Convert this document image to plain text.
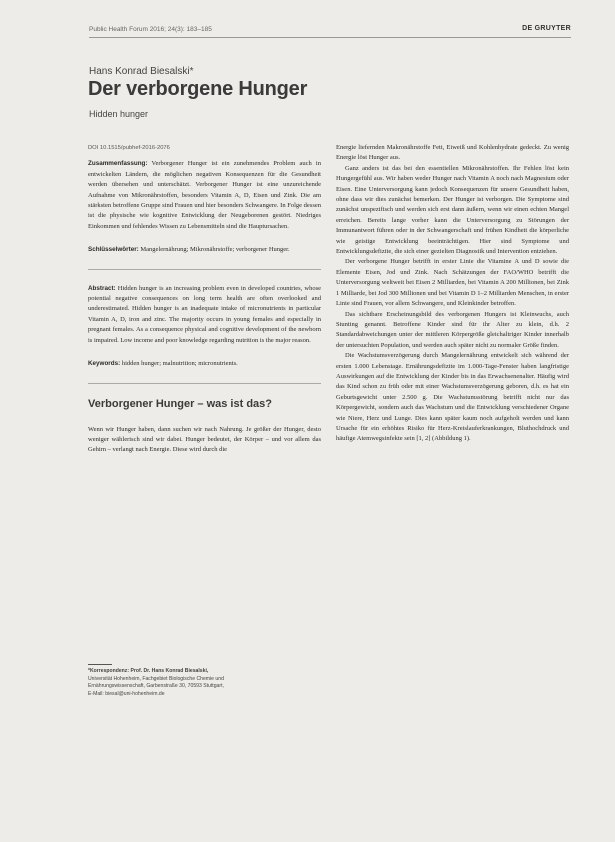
Public Health Forum 2016; 24(3): 183–185	DE GRUYTER
Hans Konrad Biesalski*
Der verborgene Hunger
Hidden hunger

DOI 10.1515/pubhef-2016-2076

Zusammenfassung: Verborgener Hunger ist ein zunehmendes Problem auch in entwickelten Ländern, die möglichen negativen Konsequenzen für die Gesundheit werden übersehen und unterschätzt. Verborgener Hunger ist eine unzureichende Aufnahme von Mikronährstoffen, besonders Vitamin A, D, Eisen und Zink. Die am stärksten betroffene Gruppe sind Frauen und hier besonders Schwangere. In Folge dessen ist die physische wie kognitive Entwicklung der Neugeborenen gestört. Niedriges Einkommen und fehlendes Wissen zu Lebensmitteln sind die Hauptursachen.

Schlüsselwörter: Mangelernährung; Mikronährstoffe; verborgener Hunger.

Abstract: Hidden hunger is an increasing problem even in developed countries, whose potential negative consequences on long term health are often overlooked and underestimated. Hidden hunger is an inadequate intake of micronutrients in particular Vitamin A, D, iron and zinc. The majority occurs in young females and especially in pregnant females. As a consequence physical and cognitive development of the newborn is impaired. Low income and poor knowledge regarding nutrition is the major reason.

Keywords: hidden hunger; malnutrition; micronutrients.

Verborgener Hunger – was ist das?

Wenn wir Hunger haben, dann suchen wir nach Nahrung. Je größer der Hunger, desto weniger wählerisch sind wir dabei. Hunger bedeutet, der Körper – und vor allem das Gehirn – verlangt nach Energie. Diese wird durch die

Energie liefernden Makronährstoffe Fett, Eiweiß und Kohlenhydrate gedeckt. Zu wenig Energie löst Hunger aus.

Ganz anders ist das bei den essentiellen Mikronährstoffen. Ihr Fehlen löst kein Hungergefühl aus. Wir haben weder Hunger nach Vitamin A noch nach Magnesium oder Eisen. Eine Unterversorgung kann jedoch Konsequenzen für unsere Gesundheit haben, ohne dass wir dies zunächst bemerken. Der Hunger ist verborgen. Die Symptome sind zunächst unspezifisch und werden sich erst dann äußern, wenn wir einen echten Mangel erreichen. Bereits lange vorher kann die Unterversorgung zu Störungen der Immunantwort führen oder in der Schwangerschaft und frühen Kindheit die körperliche wie geistige Entwicklung beeinträchtigen. Hier sind Symptome und Entwicklungsdefizite, die sich einer gezielten Diagnostik und Intervention entziehen.

Der verborgene Hunger betrifft in erster Linie die Vitamine A und D sowie die Elemente Eisen, Jod und Zink. Nach Schätzungen der FAO/WHO betrifft die Unterversorgung weltweit bei Eisen 2 Milliarden, bei Vitamin A 200 Millionen, bei Zink 1 Milliarde, bei Jod 300 Millionen und bei Vitamin D 1–2 Milliarden Menschen, in erster Linie sind Frauen, vor allem Schwangere, und Kleinkinder betroffen.

Das sichtbare Erscheinungsbild des verborgenen Hungers ist Kleinwuchs, auch Stunting genannt. Betroffene Kinder sind für ihr Alter zu klein, d.h. 2 Standardabweichungen unter der mittleren Körpergröße gleichaltriger Kinder innerhalb der untersuchten Population, und werden auch später nicht zu normaler Größe finden.

Die Wachstumsverzögerung durch Mangelernährung entwickelt sich während der ersten 1.000 Lebenstage. Ernährungsdefizite im 1.000-Tage-Fenster haben langfristige Auswirkungen auf die Entwicklung der Kinder bis in das Erwachsenenalter. Häufig wird das Kind schon zu früh oder mit einer Wachstumsverzögerung geboren, d.h. es hat ein Geburtsgewicht unter 2.500 g. Die Wachstumsstörung betrifft nicht nur das Körpergewicht, sondern auch das Wachstum und die Entwicklung verschiedener Organe wie Niere, Herz und Lunge. Dies kann später kaum noch aufgeholt werden und kann Ursache für ein erhöhtes Risiko für Herz-Kreislauferkrankungen, Bluthochdruck und häufige Atemwegsinfekte sein [1, 2] (Abbildung 1).

*Korrespondenz: Prof. Dr. Hans Konrad Biesalski,
Universität Hohenheim, Fachgebiet Biologische Chemie und
Ernährungswissenschaft, Garbenstraße 30, 70593 Stuttgart,
E-Mail: biesal@uni-hohenheim.de
